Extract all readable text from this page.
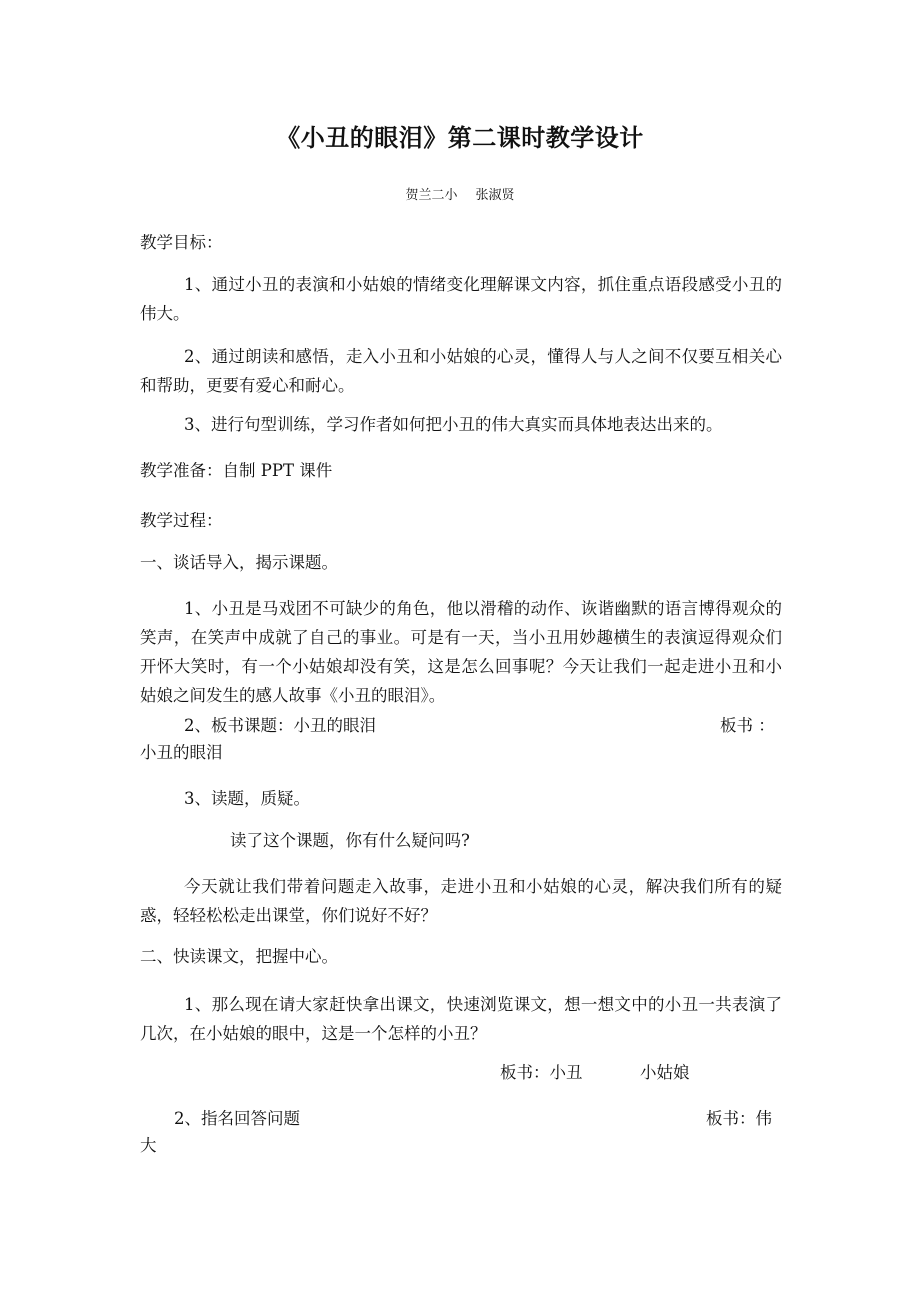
《小丑的眼泪》第二课时教学设计
贺兰二小 张淑贤
教学目标：
1、通过小丑的表演和小姑娘的情绪变化理解课文内容，抓住重点语段感受小丑的伟大。
2、通过朗读和感悟，走入小丑和小姑娘的心灵，懂得人与人之间不仅要互相关心和帮助，更要有爱心和耐心。
3、进行句型训练，学习作者如何把小丑的伟大真实而具体地表达出来的。
教学准备：自制 PPT 课件
教学过程：
一、谈话导入，揭示课题。
1、小丑是马戏团不可缺少的角色，他以滑稽的动作、诙谐幽默的语言博得观众的笑声，在笑声中成就了自己的事业。可是有一天，当小丑用妙趣横生的表演逗得观众们开怀大笑时，有一个小姑娘却没有笑，这是怎么回事呢？今天让我们一起走进小丑和小姑娘之间发生的感人故事《小丑的眼泪》。
2、板书课题：小丑的眼泪	板书 ：
小丑的眼泪
3、读题，质疑。
读了这个课题，你有什么疑问吗?
今天就让我们带着问题走入故事，走进小丑和小姑娘的心灵，解决我们所有的疑惑，轻轻松松走出课堂，你们说好不好？
二、快读课文，把握中心。
1、那么现在请大家赶快拿出课文，快速浏览课文，想一想文中的小丑一共表演了几次，在小姑娘的眼中，这是一个怎样的小丑？
板书：小丑	小姑娘
2、指名回答问题	板书：伟
大
